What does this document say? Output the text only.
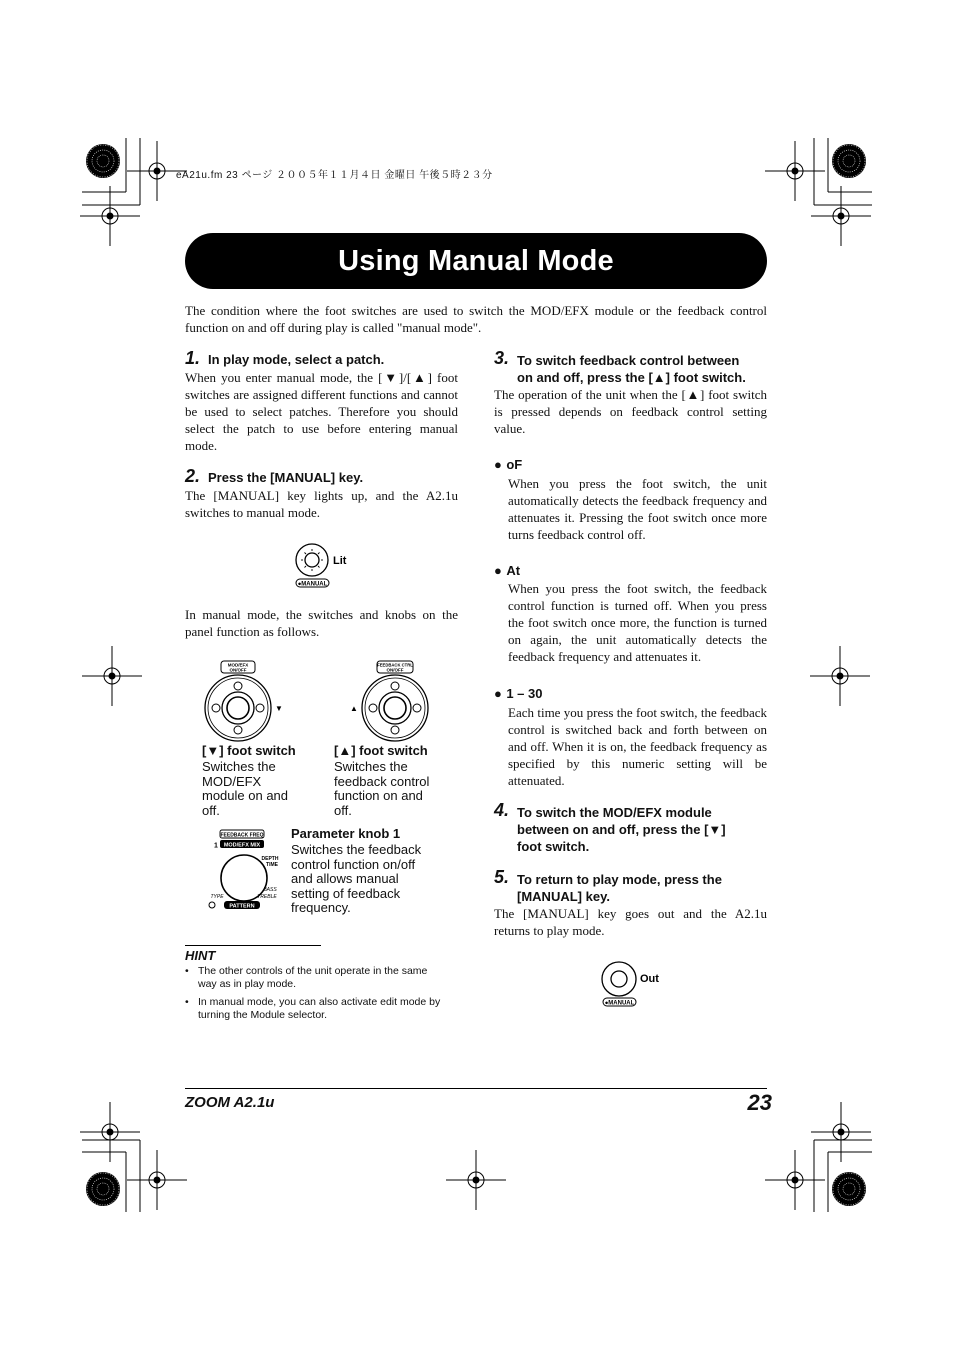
eA21u.fm 23 ページ ２００５年１１月４日 金曜日 午後５時２３分
Using Manual Mode
The condition where the foot switches are used to switch the MOD/EFX module or the feedback control function on and off during play is called "manual mode".
1. In play mode, select a patch.
When you enter manual mode, the [▼]/[▲] foot switches are assigned different functions and cannot be used to select patches. Therefore you should select the patch to use before entering manual mode.
2. Press the [MANUAL] key.
The [MANUAL] key lights up, and the A2.1u switches to manual mode.
●MANUAL
Lit
In manual mode, the switches and knobs on the panel function as follows.
MOD/EFX
ON/OFF
▼
[▼] foot switch
Switches the
MOD/EFX
module on and
off.
FEEDBACK CTRL
ON/OFF
▲
[▲] foot switch
Switches the
feedback control
function on and
off.
FEEDBACK FREQ
MOD/EFX MIX
1
DEPTH
TIME
BASS
TREBLE
TYPE
PATTERN
Parameter knob 1
Switches the feedback
control function on/off
and allows manual
setting of feedback
frequency.
HINT
• The other controls of the unit operate in the same
way as in play mode.
• In manual mode, you can also activate edit mode by
turning the Module selector.
3. To switch feedback control between
on and off, press the [▲] foot switch.
The operation of the unit when the [▲] foot switch is pressed depends on feedback control setting value.
● oF
When you press the foot switch, the unit automatically detects the feedback frequency and attenuates it. Pressing the foot switch once more turns feedback control off.
● At
When you press the foot switch, the feedback control function is turned off. When you press the foot switch once more, the function is turned on again, the unit automatically detects the feedback frequency and attenuates it.
● 1 – 30
Each time you press the foot switch, the feedback control is switched back and forth between on and off. When it is on, the feedback frequency as specified by this numeric setting will be attenuated.
4. To switch the MOD/EFX module
between on and off, press the [▼]
foot switch.
5. To return to play mode, press the
[MANUAL] key.
The [MANUAL] key goes out and the A2.1u returns to play mode.
●MANUAL
Out
ZOOM A2.1u	23
